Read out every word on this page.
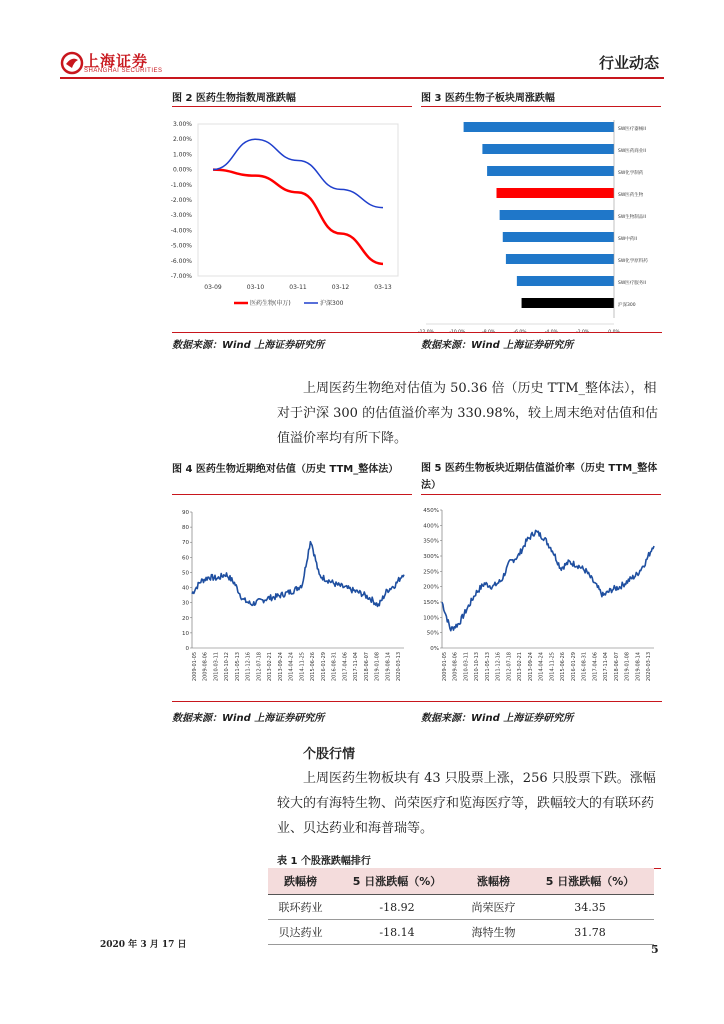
上海证券
SHANGHAI SECURITIES	行业动态
图 2 医药生物指数周涨跌幅
3.00%
2.00%
1.00%
0.00%
-1.00%
-2.00%
-3.00%
-4.00%
-5.00%
-6.00%
-7.00%
03-09	03-10	03-11	03-12	03-13
医药生物(申万)	沪深300
数据来源：Wind 上海证券研究所
图 3 医药生物子板块周涨跌幅
SW医疗器械II
SW医药商业II
SW化学制药
SW医药生物
SW生物制品II
SW中药II
SW化学原料药
SW医疗服务II
沪深300
-12.0%	-10.0%	-8.0%	-6.0%	-4.0%	-2.0%	0.0%
数据来源：Wind 上海证券研究所
上周医药生物绝对估值为 50.36 倍（历史 TTM_整体法），相对于沪深 300 的估值溢价率为 330.98%，较上周末绝对估值和估值溢价率均有所下降。
图 4 医药生物近期绝对估值（历史 TTM_整体法）
90
80
70
60
50
40
30
20
10
0
2009-01-05 2009-08-06 2010-03-11 2010-10-12 2011-05-13 2011-12-16 2012-07-18 2013-02-21 2013-09-24 2014-04-24 2014-11-25 2015-06-26 2016-01-29 2016-08-31 2017-04-06 2017-11-04 2018-06-07 2019-01-08 2019-08-14 2020-03-13
数据来源：Wind 上海证券研究所
图 5 医药生物板块近期估值溢价率（历史 TTM_整体法）
450%
400%
350%
300%
250%
200%
150%
100%
50%
0%
2009-01-05 2009-08-06 2010-03-11 2010-10-13 2011-05-13 2011-12-16 2012-07-18 2013-02-21 2013-09-24 2014-04-24 2014-11-25 2015-06-26 2016-01-29 2016-08-31 2017-04-06 2017-11-04 2018-06-07 2019-01-08 2019-08-14 2020-03-13
数据来源：Wind 上海证券研究所
个股行情
上周医药生物板块有 43 只股票上涨，256 只股票下跌。涨幅较大的有海特生物、尚荣医疗和览海医疗等，跌幅较大的有联环药业、贝达药业和海普瑞等。
表 1 个股涨跌幅排行
跌幅榜	5 日涨跌幅（%）	涨幅榜	5 日涨跌幅（%）
联环药业	-18.92	尚荣医疗	34.35
贝达药业	-18.14	海特生物	31.78
2020 年 3 月 17 日	5
